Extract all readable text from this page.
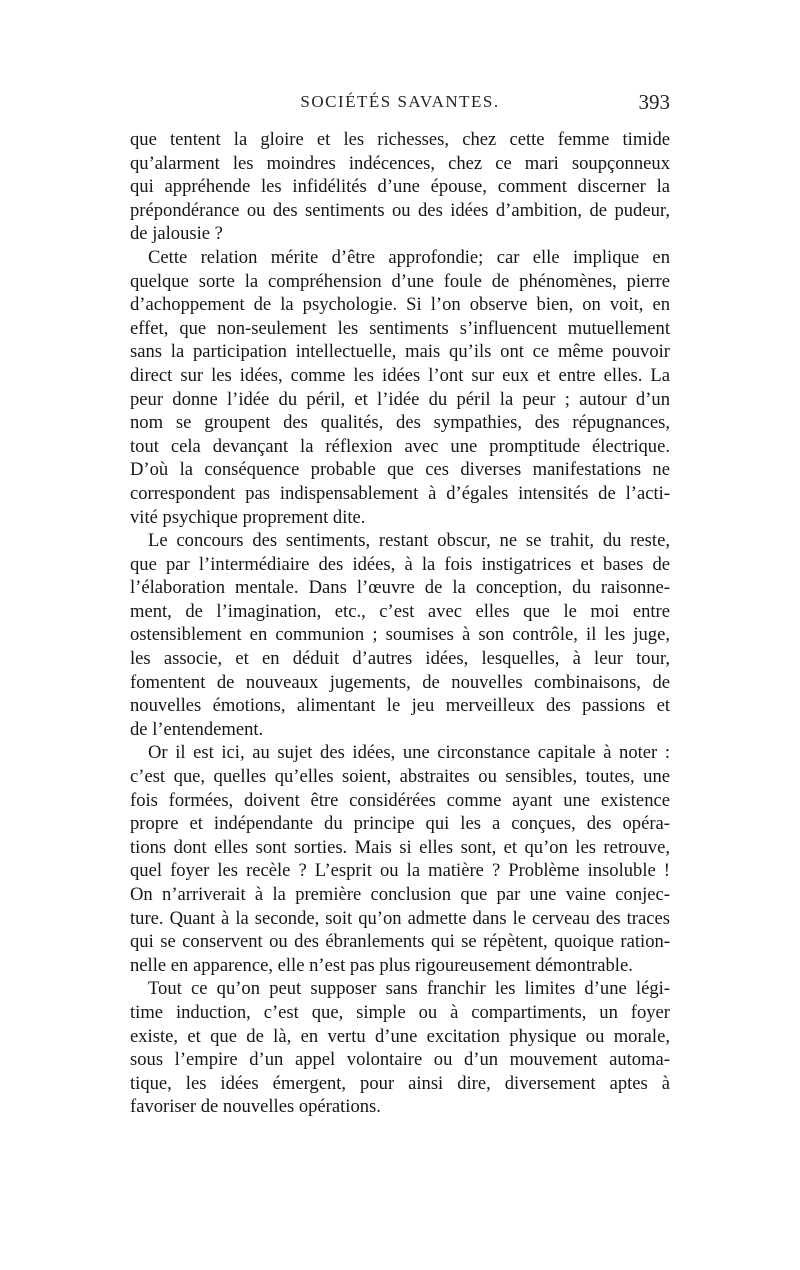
SOCIÉTÉS SAVANTES.	393
que tentent la gloire et les richesses, chez cette femme timide
qu’alarment les moindres indécences, chez ce mari soupçonneux
qui appréhende les infidélités d’une épouse, comment discerner la
prépondérance ou des sentiments ou des idées d’ambition, de pudeur,
de jalousie ?
Cette relation mérite d’être approfondie; car elle implique en
quelque sorte la compréhension d’une foule de phénomènes, pierre
d’achoppement de la psychologie. Si l’on observe bien, on voit, en
effet, que non-seulement les sentiments s’influencent mutuellement
sans la participation intellectuelle, mais qu’ils ont ce même pouvoir
direct sur les idées, comme les idées l’ont sur eux et entre elles. La
peur donne l’idée du péril, et l’idée du péril la peur ; autour d’un
nom se groupent des qualités, des sympathies, des répugnances,
tout cela devançant la réflexion avec une promptitude électrique.
D’où la conséquence probable que ces diverses manifestations ne
correspondent pas indispensablement à d’égales intensités de l’acti-
vité psychique proprement dite.
Le concours des sentiments, restant obscur, ne se trahit, du reste,
que par l’intermédiaire des idées, à la fois instigatrices et bases de
l’élaboration mentale. Dans l’œuvre de la conception, du raisonne-
ment, de l’imagination, etc., c’est avec elles que le moi entre
ostensiblement en communion ; soumises à son contrôle, il les juge,
les associe, et en déduit d’autres idées, lesquelles, à leur tour,
fomentent de nouveaux jugements, de nouvelles combinaisons, de
nouvelles émotions, alimentant le jeu merveilleux des passions et
de l’entendement.
Or il est ici, au sujet des idées, une circonstance capitale à noter :
c’est que, quelles qu’elles soient, abstraites ou sensibles, toutes, une
fois formées, doivent être considérées comme ayant une existence
propre et indépendante du principe qui les a conçues, des opéra-
tions dont elles sont sorties. Mais si elles sont, et qu’on les retrouve,
quel foyer les recèle ? L’esprit ou la matière ? Problème insoluble !
On n’arriverait à la première conclusion que par une vaine conjec-
ture. Quant à la seconde, soit qu’on admette dans le cerveau des traces
qui se conservent ou des ébranlements qui se répètent, quoique ration-
nelle en apparence, elle n’est pas plus rigoureusement démontrable.
Tout ce qu’on peut supposer sans franchir les limites d’une légi-
time induction, c’est que, simple ou à compartiments, un foyer
existe, et que de là, en vertu d’une excitation physique ou morale,
sous l’empire d’un appel volontaire ou d’un mouvement automa-
tique, les idées émergent, pour ainsi dire, diversement aptes à
favoriser de nouvelles opérations.
